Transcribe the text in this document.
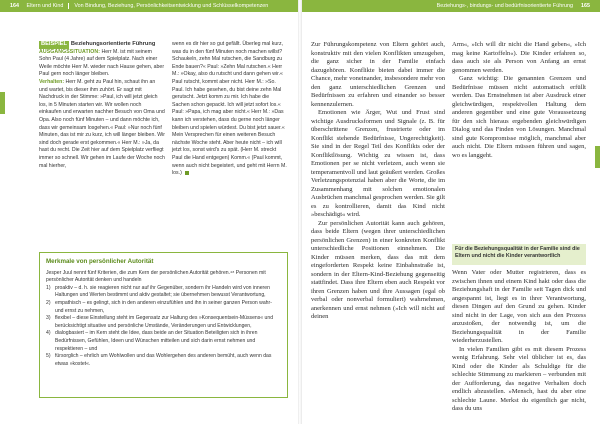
164 Eltern und Kind Von Bindung, Beziehung, Persönlichkeitsentwicklung und Schlüsselkompetenzen	Beziehungs-, bindungs- und bedürfnisorientierte Führung 165
BEISPIEL Beziehungsorientierte Führung

AUSGANGSSITUATION: Herr M. ist mit seinem Sohn Paul (4 Jahre) auf dem Spielplatz. Nach einer Weile möchte Herr M. wieder nach Hause gehen, aber Paul gern noch länger bleiben.

Verhalten: Herr M. geht zu Paul hin, schaut ihn an und wartet, bis dieser ihm zuhört. Er sagt mit Nachdruck in der Stimme: »Paul, ich will jetzt gleich los, in 5 Minuten starten wir. Wir wollen noch einkaufen und erwarten nachher Besuch von Oma und Opa. Also noch fünf Minuten – und dann möchte ich, dass wir gemeinsam losgehen.« Paul: »Nur noch fünf Minuten, das ist mir zu kurz, ich will länger bleiben. Wir sind doch gerade erst gekommen.« Herr M.: »Ja, da hast du recht. Die Zeit hier auf dem Spielplatz verfliegt immer so schnell. Wir gehen im Laufe der Woche noch mal hierher,

wenn es dir hier so gut gefällt. Überleg mal kurz, was du in den fünf Minuten noch machen willst? Schaukeln, zehn Mal rutschen, die Sandburg zu Ende bauen?« Paul: »Zehn Mal rutschen.« Herr M.: »Okay, also du rutscht und dann gehen wir.« Paul rutscht, kommt aber nicht. Herr M.: »So. Paul. Ich habe gesehen, du bist deine zehn Mal gerutscht. Jetzt komm zu mir. Ich habe die Sachen schon gepackt. Ich will jetzt sofort los.« Paul: »Papa, ich mag aber nicht.« Herr M.: »Das kann ich verstehen, dass du gerne noch länger bleiben und spielen würdest. Du bist jetzt sauer.« Mein Versprechen für einen weiteren Besuch nächste Woche steht. Aber heute nicht – ich will jetzt los, sonst wird's zu spät. (Herr M. streckt Paul die Hand entgegen) Komm.« (Paul kommt, wenn auch nicht begeistert, und geht mit Herrn M. los.)

Merkmale von persönlicher Autorität

Jesper Juul nennt fünf Kriterien, die zum Kern der persönlichen Autorität gehören.⁴⁸ Personen mit persönlicher Autorität denken und handeln

1) proaktiv – d. h. sie reagieren nicht nur auf ihr Gegenüber, sondern ihr Handeln wird von inneren Haltungen und Werten bestimmt und aktiv gestaltet; sie übernehmen bewusst Verantwortung,
2) empathisch – es gelingt, sich in den anderen einzufühlen und ihn in seiner ganzen Person wahr- und ernst zu nehmen,
3) flexibel – diese Einstellung steht im Gegensatz zur Haltung des »Konsequentsein-Müssens« und berücksichtigt situative und persönliche Umstände, Veränderungen und Entwicklungen,
4) dialogbasiert – im Kern steht die Idee, dass beide an der Situation Beteiligten sich in ihren Bedürfnissen, Gefühlen, Ideen und Wünschen mitteilen und sich darin ernst nehmen und respektieren – und
5) fürsorglich – ehrlich um Wohlwollen und das Wohlergehen des anderen bemüht, auch wenn das etwas »kostet«.

Zur Führungskompetenz von Eltern gehört auch, konstruktiv mit den vielen Konflikten umzugehen, die ganz sicher in der Familie einfach dazugehören. Konflikte bieten dabei immer die Chance, mehr voneinander, insbesondere mehr von den ganz unterschiedlichen Grenzen und Bedürfnissen zu erfahren und einander so besser kennenzulernen.

Emotionen wie Ärger, Wut und Frust sind wichtige Ausdrucksformen und Signale (z. B. für überschrittene Grenzen, frustrierte oder im Konflikt stehende Bedürfnisse, Ungerechtigkeit). Sie sind in der Regel Teil des Konflikts oder der Konfliktlösung. Wichtig zu wissen ist, dass Emotionen per se nicht verletzen, auch wenn sie temperamentvoll und laut geäußert werden. Großes Verletzungspotenzial haben aber die Worte, die im Zusammenhang mit solchen emotionalen Ausbrüchen manchmal gesprochen werden. Sie gilt es zu kontrollieren, damit das Kind nicht »beschädigt« wird.

Zur persönlichen Autorität kann auch gehören, dass beide Eltern (wegen ihrer unterschiedlichen persönlichen Grenzen) in einer konkreten Konflikt unterschiedliche Positionen einnehmen. Die Kinder müssen merken, dass das mit dem eingeforderten Respekt keine Einbahnstraße ist, sondern in der Eltern-Kind-Beziehung gegenseitig stattfindet. Dass ihre Eltern eben auch Respekt vor ihren Grenzen haben und ihre Aussagen (egal ob verbal oder nonverbal formuliert) wahrnehmen, anerkennen und ernst nehmen (»Ich will nicht auf deinen

Arm«, »Ich will dir nicht die Hand geben«, »Ich mag keine Kartoffeln«). Die Kinder erfahren so, dass auch sie als Person von Anfang an ernst genommen werden.

Ganz wichtig: Die genannten Grenzen und Bedürfnisse müssen nicht automatisch erfüllt werden. Das Ernstnehmen ist aber Ausdruck einer gleichwürdigen, respektvollen Haltung dem anderen gegenüber und eine gute Voraussetzung für den sich hieraus ergebenden gleichwürdigen Dialog und das Finden von Lösungen. Manchmal sind gute Kompromisse möglich, manchmal aber auch nicht. Die Eltern müssen führen und sagen, wo es langgeht.

Für die Beziehungsqualität in der Familie sind die Eltern und nicht die Kinder verantwortlich

Wenn Vater oder Mutter registrieren, dass es zwischen ihnen und einem Kind hakt oder dass die Beziehungshaft in der Familie seit Tagen dick und angespannt ist, liegt es in ihrer Verantwortung, diesen Dingen auf den Grund zu gehen. Kinder sind nicht in der Lage, von sich aus den Prozess anzustoßen, der notwendig ist, um die Beziehungsqualität in der Familie wiederherzustellen.

In vielen Familien gibt es mit diesem Prozess wenig Erfahrung. Sehr viel üblicher ist es, das Kind oder die Kinder als Schuldige für die schlechte Stimmung zu markieren – verbunden mit der Aufforderung, das negative Verhalten doch endlich abzustellen. »Mensch, hast du aber eine schlechte Laune. Merkst du eigentlich gar nicht, dass du uns
